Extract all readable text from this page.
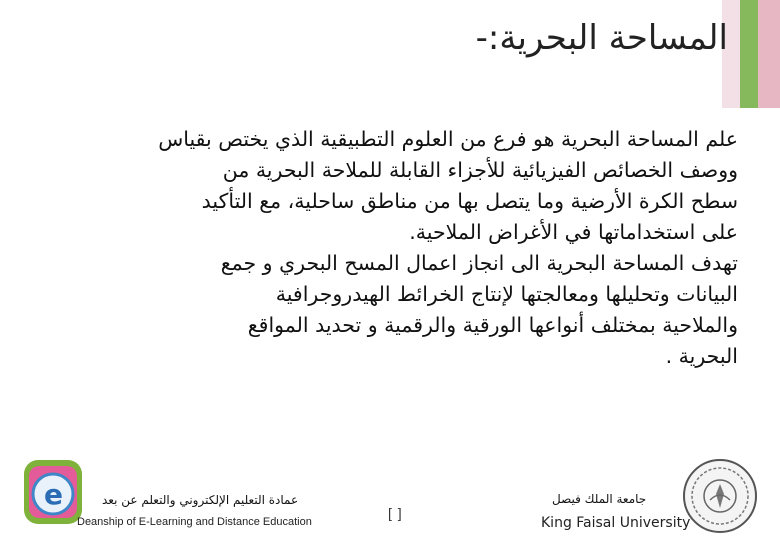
المساحة البحرية:-

علم المساحة البحرية هو فرع من العلوم التطبيقية الذي يختص بقياس

ووصف الخصائص الفيزيائية للأجزاء القابلة للملاحة البحرية من

سطح الكرة الأرضية وما يتصل بها من مناطق ساحلية، مع التأكيد

على استخداماتها في الأغراض الملاحية.

تهدف المساحة البحرية الى انجاز اعمال المسح البحري و جمع

البيانات وتحليلها ومعالجتها لإنتاج الخرائط الهيدروجرافية

والملاحية بمختلف أنواعها الورقية والرقمية و تحديد المواقع

البحرية .

e	عمادة التعليم الإلكتروني والتعلم عن بعد
Deanship of E-Learning and Distance Education
[ ]
جامعة الملك فيصل
King Faisal University
